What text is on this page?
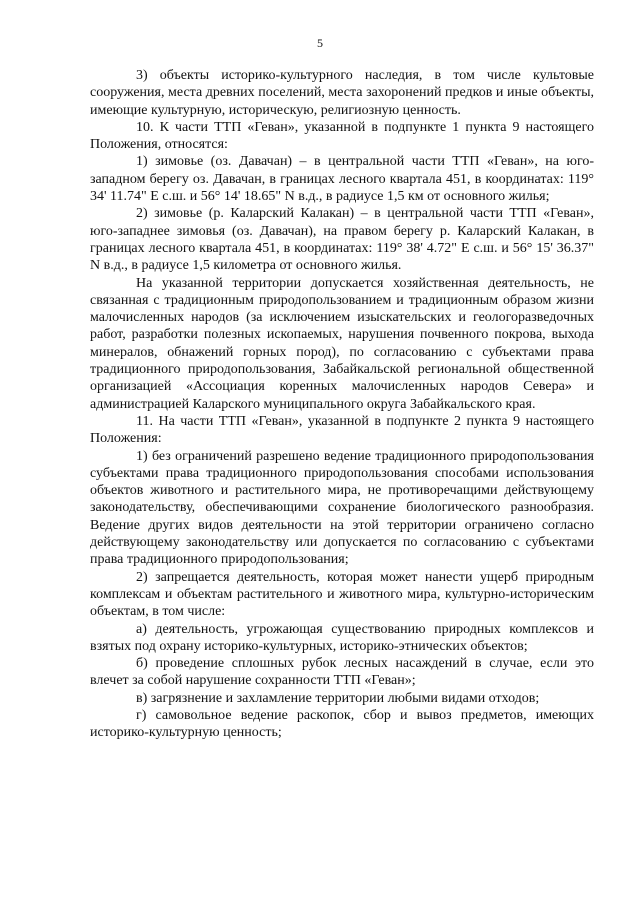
5

3) объекты историко-культурного наследия, в том числе культовые сооружения, места древних поселений, места захоронений предков и иные объекты, имеющие культурную, историческую, религиозную ценность.

10. К части ТТП «Геван», указанной в подпункте 1 пункта 9 настоящего Положения, относятся:

1) зимовье (оз. Давачан) – в центральной части ТТП «Геван», на юго-западном берегу оз. Давачан, в границах лесного квартала 451, в координатах: 119° 34' 11.74" E с.ш. и 56° 14' 18.65" N в.д., в радиусе 1,5 км от основного жилья;

2) зимовье (р. Каларский Калакан) – в центральной части ТТП «Геван», юго-западнее зимовья (оз. Давачан), на правом берегу р. Каларский Калакан, в границах лесного квартала 451, в координатах: 119° 38' 4.72" E с.ш. и 56° 15' 36.37" N в.д., в радиусе 1,5 километра от основного жилья.

На указанной территории допускается хозяйственная деятельность, не связанная с традиционным природопользованием и традиционным образом жизни малочисленных народов (за исключением изыскательских и геологоразведочных работ, разработки полезных ископаемых, нарушения почвенного покрова, выхода минералов, обнажений горных пород), по согласованию с субъектами права традиционного природопользования, Забайкальской региональной общественной организацией «Ассоциация коренных малочисленных народов Севера» и администрацией Каларского муниципального округа Забайкальского края.

11. На части ТТП «Геван», указанной в подпункте 2 пункта 9 настоящего Положения:

1) без ограничений разрешено ведение традиционного природопользования субъектами права традиционного природопользования способами использования объектов животного и растительного мира, не противоречащими действующему законодательству, обеспечивающими сохранение биологического разнообразия. Ведение других видов деятельности на этой территории ограничено согласно действующему законодательству или допускается по согласованию с субъектами права традиционного природопользования;

2) запрещается деятельность, которая может нанести ущерб природным комплексам и объектам растительного и животного мира, культурно-историческим объектам, в том числе:

а) деятельность, угрожающая существованию природных комплексов и взятых под охрану историко-культурных, историко-этнических объектов;

б) проведение сплошных рубок лесных насаждений в случае, если это влечет за собой нарушение сохранности ТТП «Геван»;

в) загрязнение и захламление территории любыми видами отходов;

г) самовольное ведение раскопок, сбор и вывоз предметов, имеющих историко-культурную ценность;
